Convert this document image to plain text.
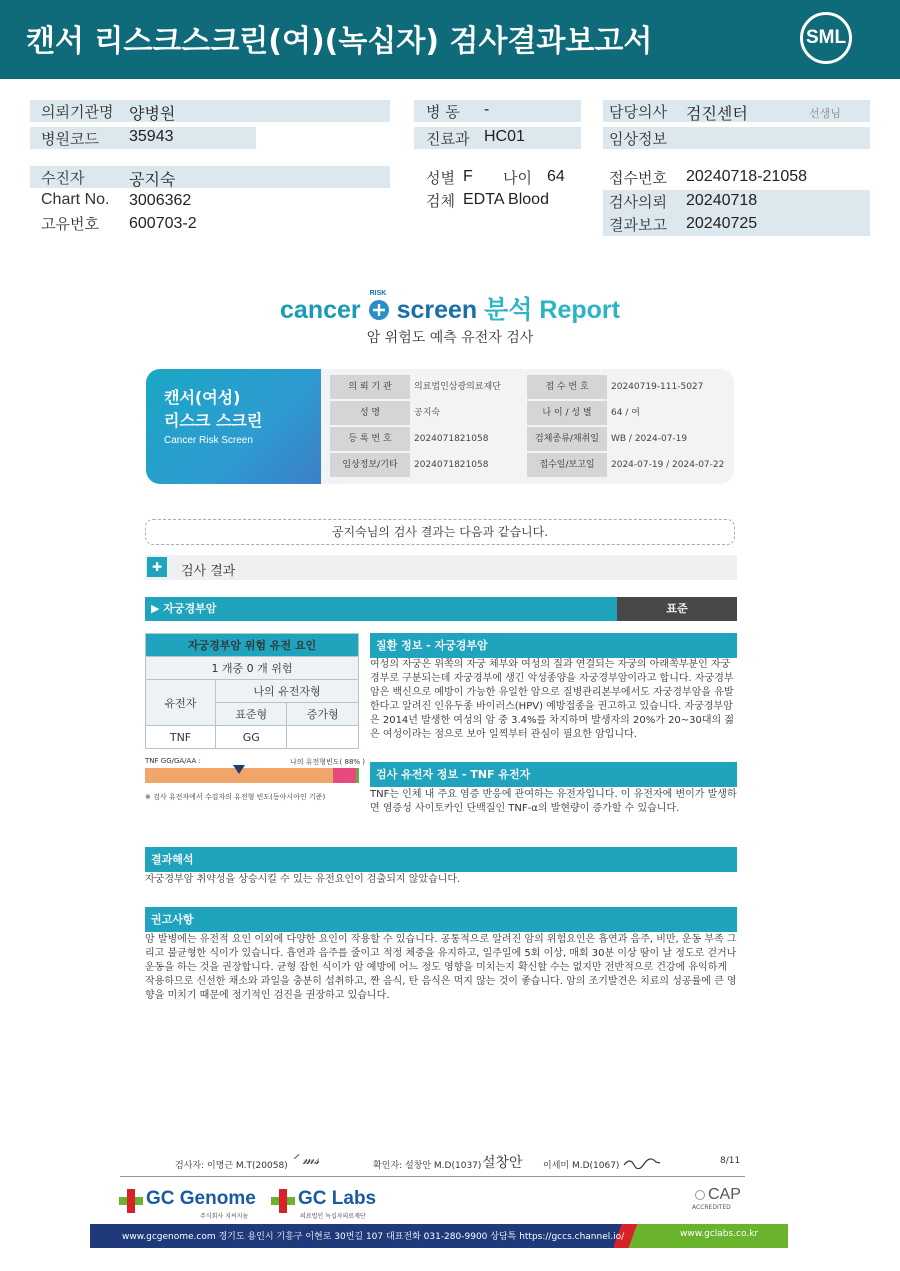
캔서 리스크스크린(여)(녹십자) 검사결과보고서	SML
의뢰기관명 양병원
병원코드 35943
병 동 -
진료과 HC01
담당의사 검진센터	선생님
임상정보
수진자	공지숙
Chart No. 3006362
고유번호 600703-2
성별 F 나이 64
검체 EDTA Blood
접수번호 20240718-21058
검사의뢰 20240718
결과보고 20240725
cancer
RISK
screen 분석 Report
암 위험도 예측 유전자 검사
캔서(여성)
리스크 스크린
Cancer Risk Screen
의 뢰 기 관	의료법인삼광의료재단	접 수 번 호	20240719-111-5027
성 명	공지숙	나 이 / 성 별	64 / 여
등 록 번 호	2024071821058	검체종류/채취일	WB / 2024-07-19
임상정보/기타	2024071821058	접수일/보고일	2024-07-19 / 2024-07-22
공지숙님의 검사 결과는 다음과 같습니다.
✚	검사 결과
▶ 자궁경부암	표준
자궁경부암 위험 유전 요인		
1 개중 0 개 위험		
유전자	나의 유전자형	
	표준형	증가형
TNF	GG	
TNF GG/GA/AA :	나의 유전형빈도( 88% )
※ 검사 유전자에서 수검자의 유전형 빈도(동아시아인 기준)
질환 정보 - 자궁경부암
여성의 자궁은 위쪽의 자궁 체부와 여성의 질과 연결되는 자궁의 아래쪽부분인 자궁경부로 구분되는데 자궁경부에 생긴 악성종양을 자궁경부암이라고 합니다. 자궁경부암은 백신으로 예방이 가능한 유일한 암으로 질병관리본부에서도 자궁경부암을 유발한다고 알려진 인유두종 바이러스(HPV) 예방접종을 권고하고 있습니다. 자궁경부암은 2014년 발생한 여성의 암 중 3.4%를 차지하며 발생자의 20%가 20~30대의 젊은 여성이라는 점으로 보아 일찍부터 관심이 필요한 암입니다.
검사 유전자 정보 - TNF 유전자
TNF는 인체 내 주요 염증 반응에 관여하는 유전자입니다. 이 유전자에 변이가 발생하면 염증성 사이토카인 단백질인 TNF-α의 발현량이 증가할 수 있습니다.
결과해석
자궁경부암 취약성을 상승시킬 수 있는 유전요인이 검출되지 않았습니다.
권고사항
암 발병에는 유전적 요인 이외에 다양한 요인이 작용할 수 있습니다. 공통적으로 알려진 암의 위험요인은 흡연과 음주, 비만, 운동 부족 그리고 불균형한 식이가 있습니다. 흡연과 음주를 줄이고 적정 체중을 유지하고, 일주일에 5회 이상, 매회 30분 이상 땀이 날 정도로 걷거나 운동을 하는 것을 권장합니다. 균형 잡힌 식이가 암 예방에 어느 정도 영향을 미치는지 확신할 수는 없지만 전반적으로 건강에 유익하게 작용하므로 신선한 채소와 과일을 충분히 섭취하고, 짠 음식, 탄 음식은 먹지 않는 것이 좋습니다. 암의 조기발견은 치료의 성공률에 큰 영향을 미치기 때문에 정기적인 검진을 권장하고 있습니다.
검사자: 이명근 M.T(20058) ᐟ 𝓂𝓈	확인자: 설창안 M.D(1037) 설창안 이세미 M.D(1067)	8/11
GC Genome
주식회사 지씨지놈
GC Labs
의료법인 녹십자의료재단
CAP
ACCREDITED
www.gcgenome.com 경기도 용인시 기흥구 이현로 30번길 107 대표전화 031-280-9900 상담톡 https://gccs.channel.io/	www.gclabs.co.kr
